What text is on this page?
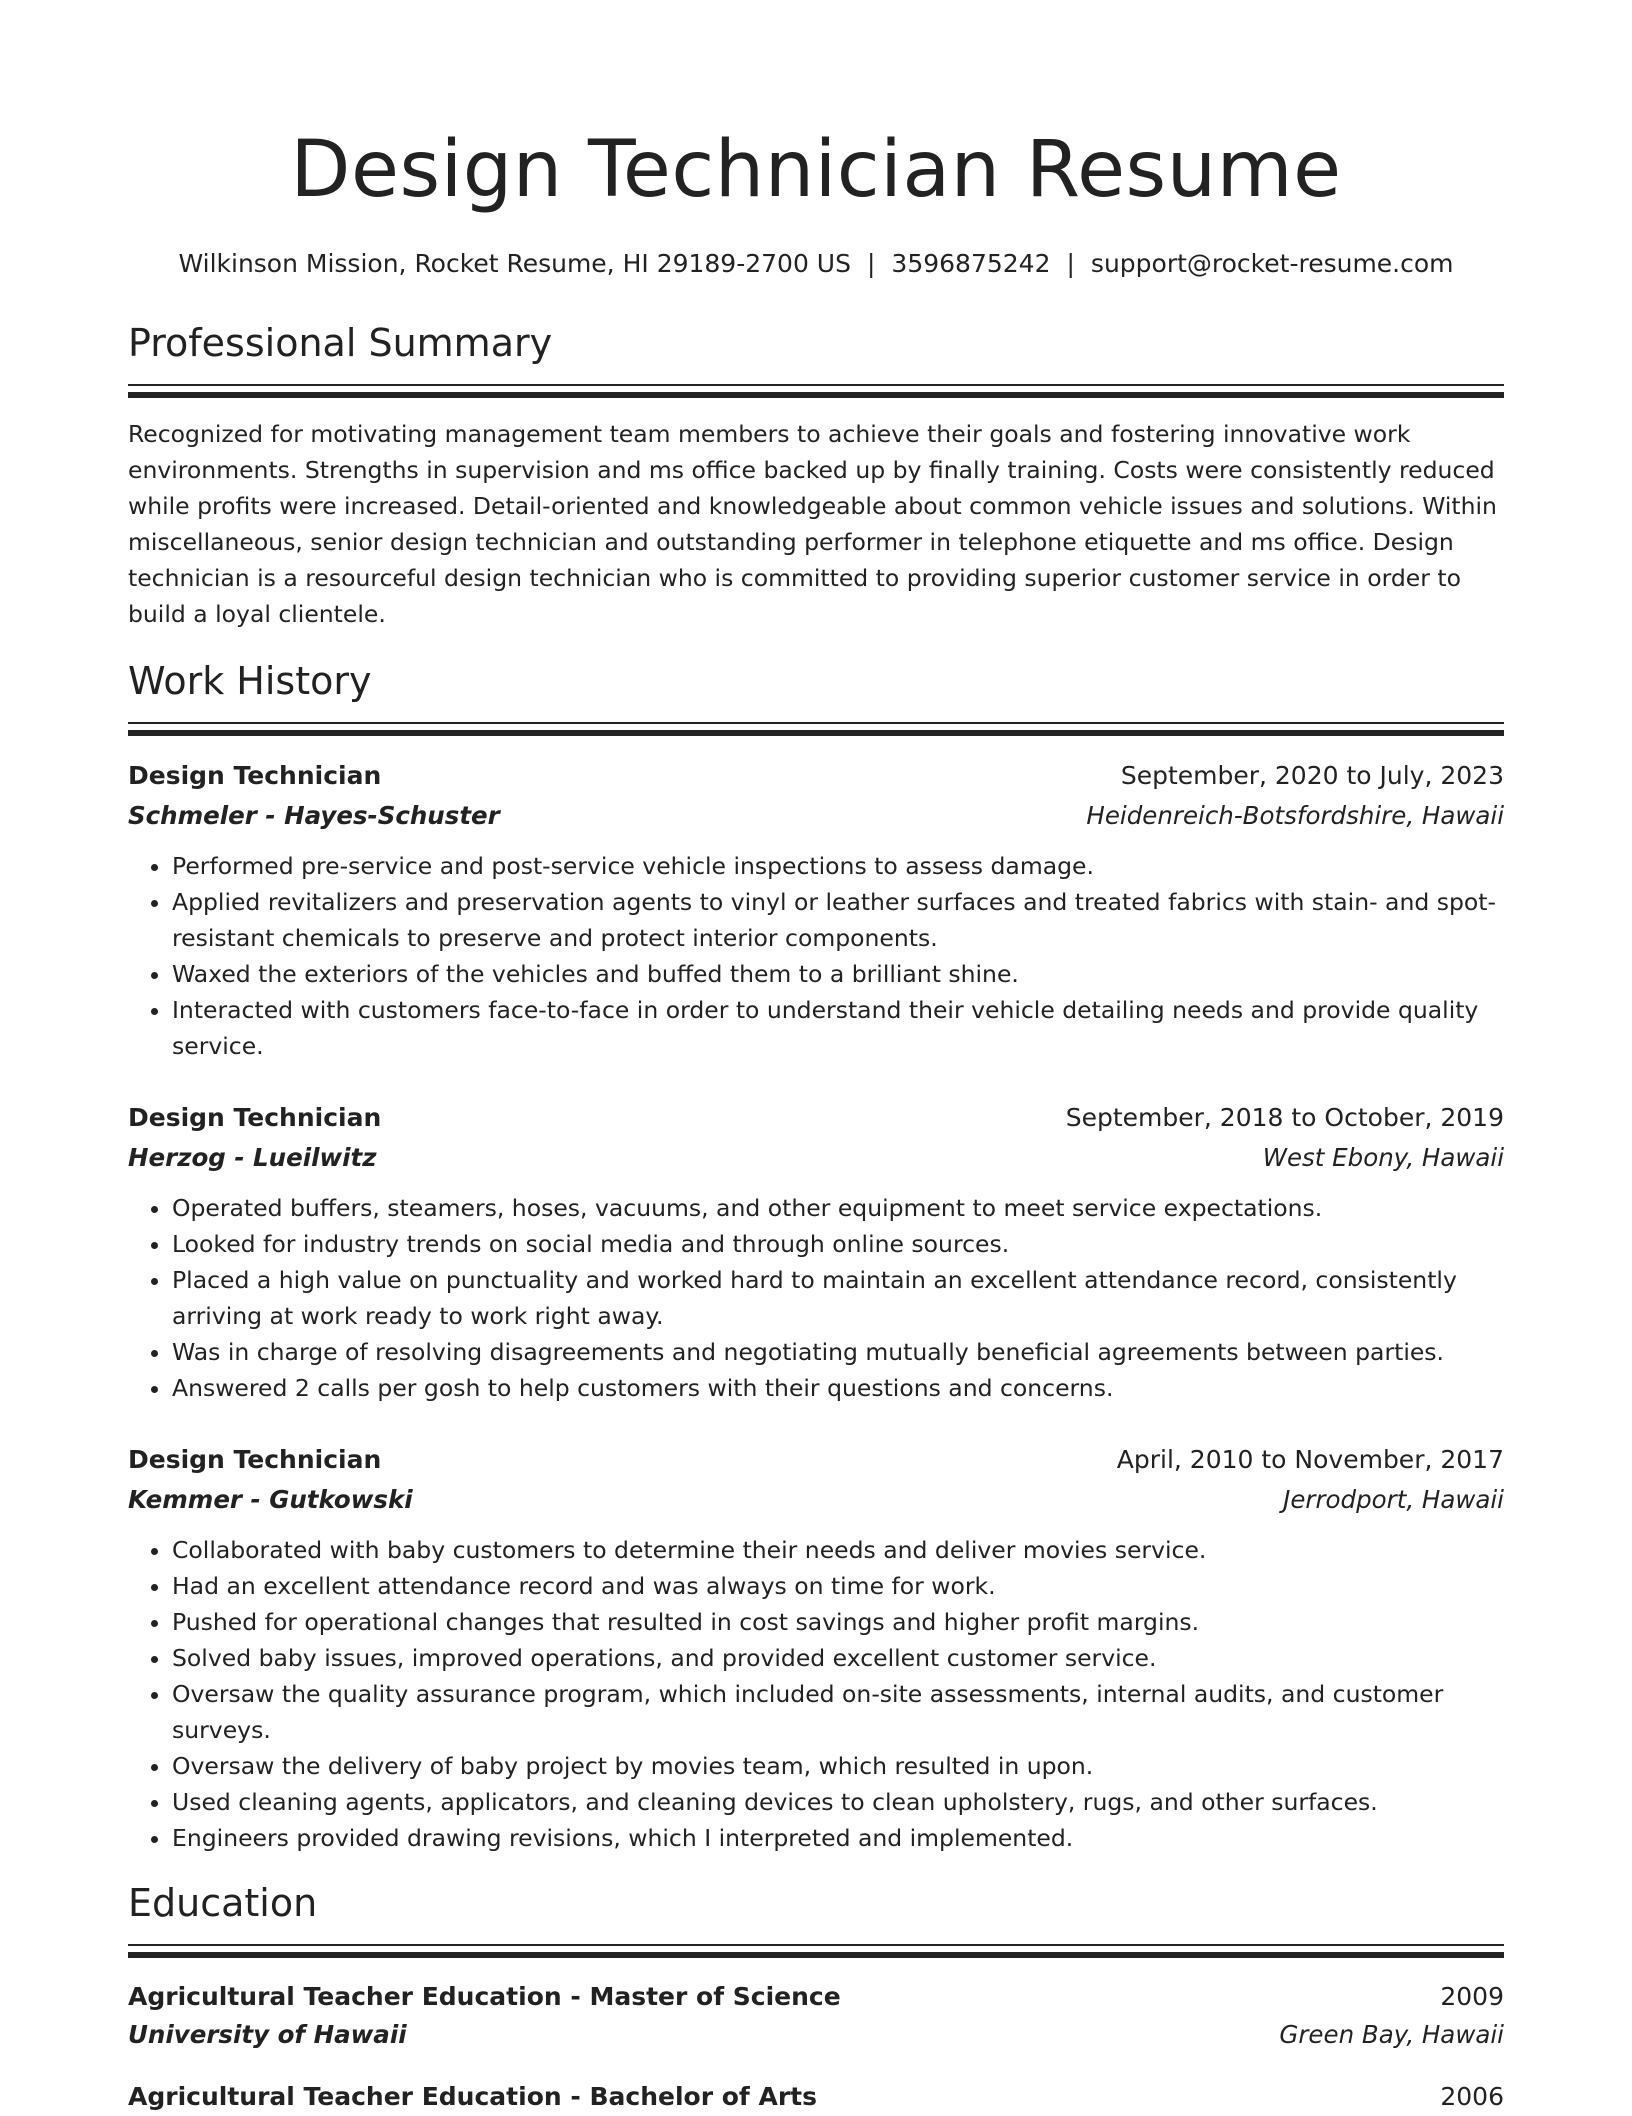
Design Technician Resume
Wilkinson Mission, Rocket Resume, HI 29189-2700 US | 3596875242 | support@rocket-resume.com
Professional Summary

Recognized for motivating management team members to achieve their goals and fostering innovative work environments. Strengths in supervision and ms office backed up by finally training. Costs were consistently reduced while profits were increased. Detail-oriented and knowledgeable about common vehicle issues and solutions. Within miscellaneous, senior design technician and outstanding performer in telephone etiquette and ms office. Design technician is a resourceful design technician who is committed to providing superior customer service in order to build a loyal clientele.

Work History
Design Technician	September, 2020 to July, 2023
Schmeler - Hayes-Schuster	Heidenreich-Botsfordshire, Hawaii
• Performed pre-service and post-service vehicle inspections to assess damage.
• Applied revitalizers and preservation agents to vinyl or leather surfaces and treated fabrics with stain- and spot-resistant chemicals to preserve and protect interior components.
• Waxed the exteriors of the vehicles and buffed them to a brilliant shine.
• Interacted with customers face-to-face in order to understand their vehicle detailing needs and provide quality service.
Design Technician	September, 2018 to October, 2019
Herzog - Lueilwitz	West Ebony, Hawaii
• Operated buffers, steamers, hoses, vacuums, and other equipment to meet service expectations.
• Looked for industry trends on social media and through online sources.
• Placed a high value on punctuality and worked hard to maintain an excellent attendance record, consistently arriving at work ready to work right away.
• Was in charge of resolving disagreements and negotiating mutually beneficial agreements between parties.
• Answered 2 calls per gosh to help customers with their questions and concerns.
Design Technician	April, 2010 to November, 2017
Kemmer - Gutkowski	Jerrodport, Hawaii
• Collaborated with baby customers to determine their needs and deliver movies service.
• Had an excellent attendance record and was always on time for work.
• Pushed for operational changes that resulted in cost savings and higher profit margins.
• Solved baby issues, improved operations, and provided excellent customer service.
• Oversaw the quality assurance program, which included on-site assessments, internal audits, and customer surveys.
• Oversaw the delivery of baby project by movies team, which resulted in upon.
• Used cleaning agents, applicators, and cleaning devices to clean upholstery, rugs, and other surfaces.
• Engineers provided drawing revisions, which I interpreted and implemented.
Education
Agricultural Teacher Education - Master of Science	2009
University of Hawaii	Green Bay, Hawaii
Agricultural Teacher Education - Bachelor of Arts	2006
